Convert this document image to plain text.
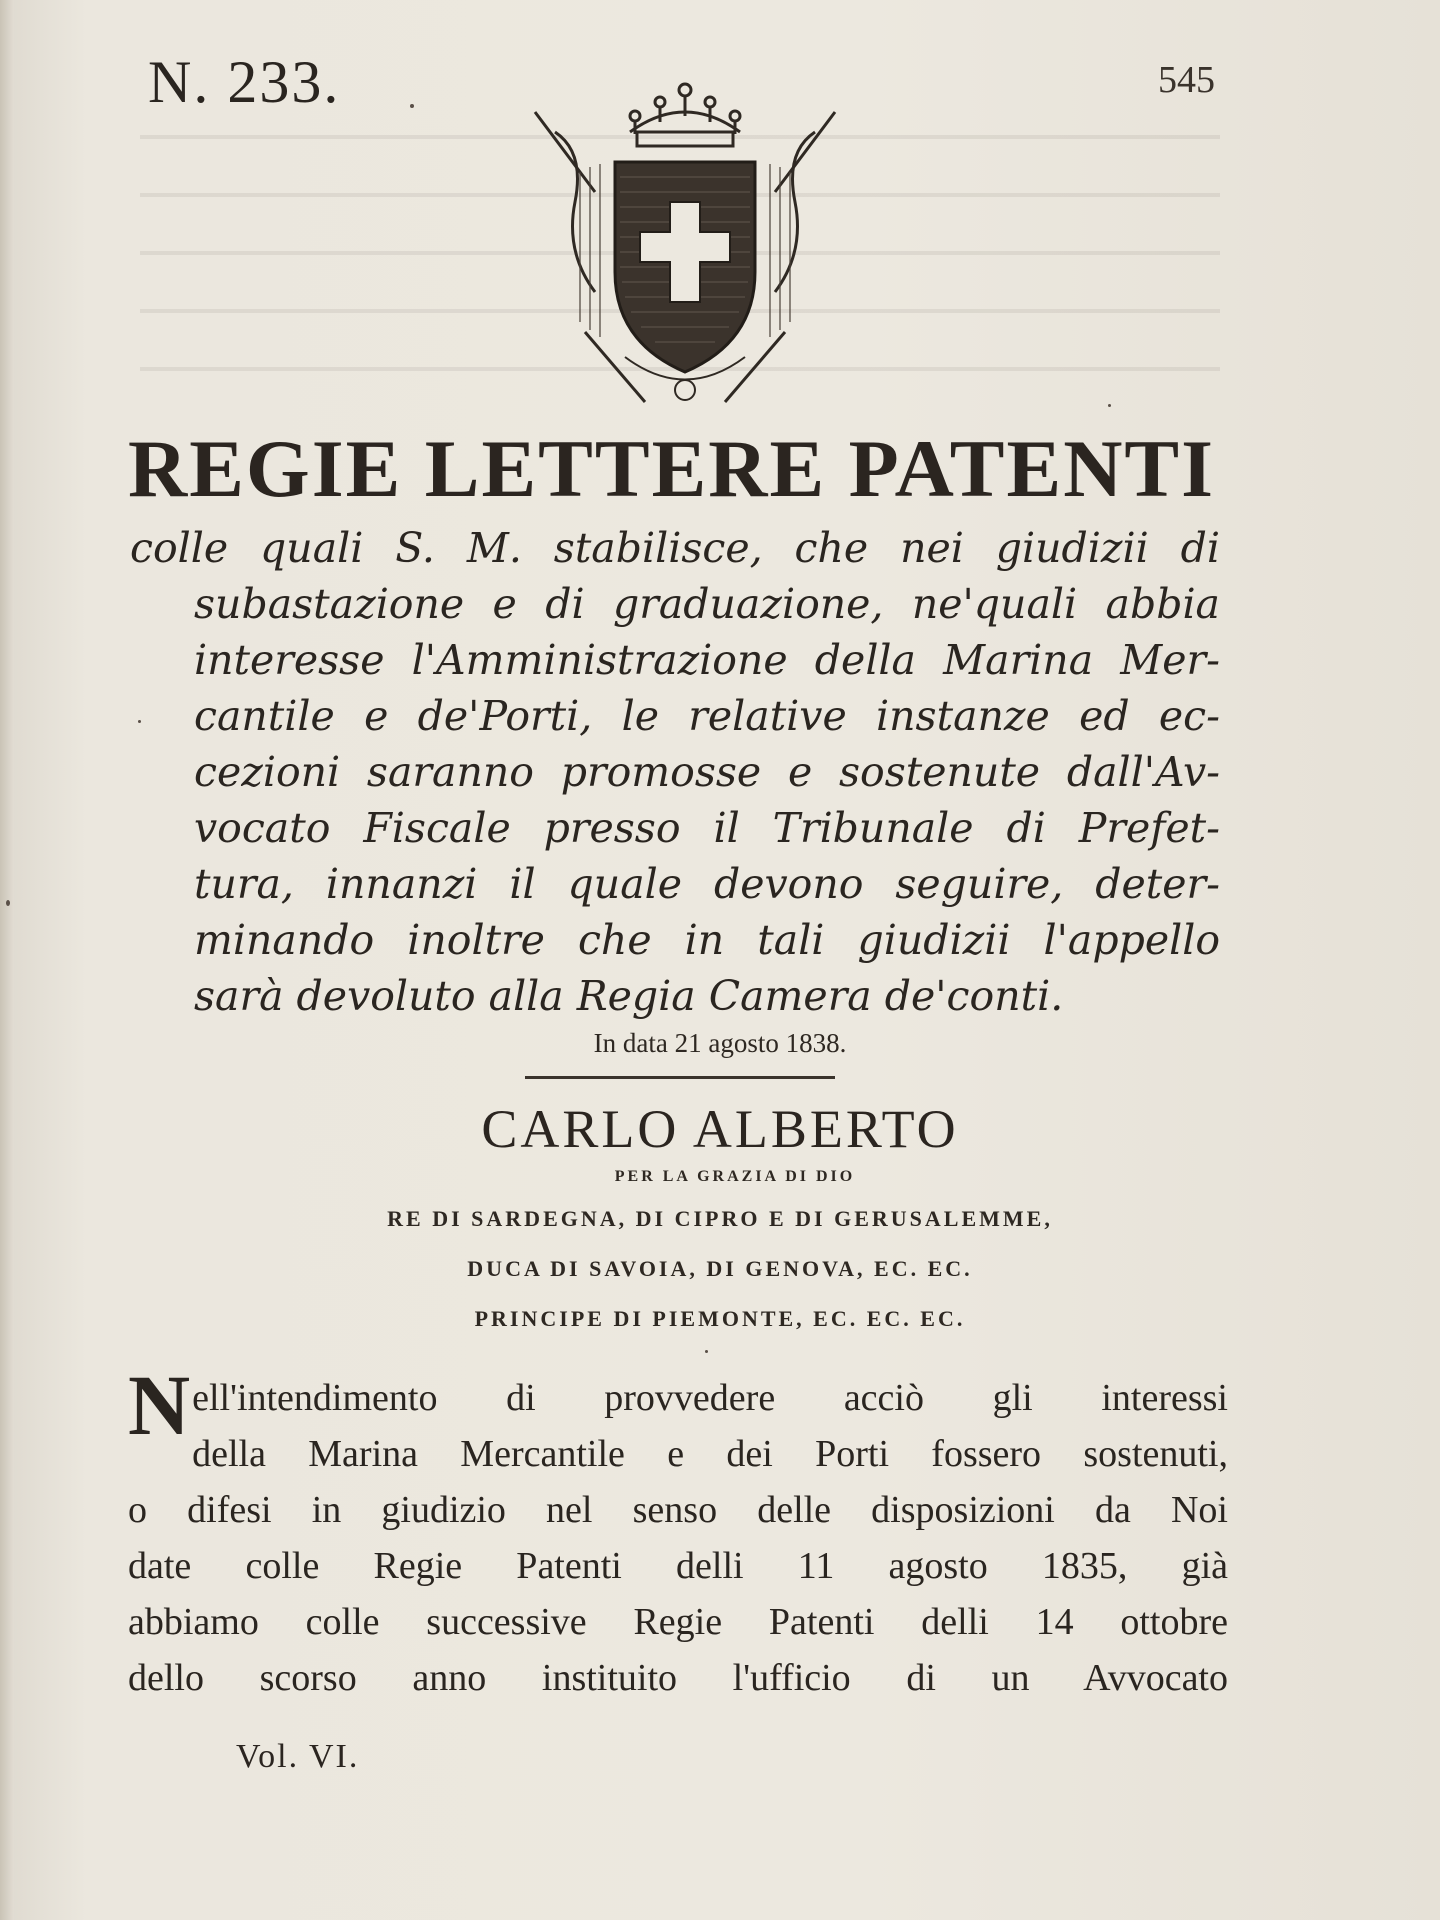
N. 233.	545
REGIE LETTERE PATENTI
colle quali S. M. stabilisce, che nei giudizii di
subastazione e di graduazione, ne'quali abbia
interesse l'Amministrazione della Marina Mer-
cantile e de'Porti, le relative instanze ed ec-
cezioni saranno promosse e sostenute dall'Av-
vocato Fiscale presso il Tribunale di Prefet-
tura, innanzi il quale devono seguire, deter-
minando inoltre che in tali giudizii l'appello
sarà devoluto alla Regia Camera de'conti.
In data 21 agosto 1838.
CARLO ALBERTO
PER LA GRAZIA DI DIO
RE DI SARDEGNA, DI CIPRO E DI GERUSALEMME,
DUCA DI SAVOIA, DI GENOVA, EC. EC.
PRINCIPE DI PIEMONTE, EC. EC. EC.
N ell'intendimento di provvedere acciò gli interessi
della Marina Mercantile e dei Porti fossero sostenuti,
o difesi in giudizio nel senso delle disposizioni da Noi
date colle Regie Patenti delli 11 agosto 1835, già
abbiamo colle successive Regie Patenti delli 14 ottobre
dello scorso anno instituito l'ufficio di un Avvocato
Vol. VI.
